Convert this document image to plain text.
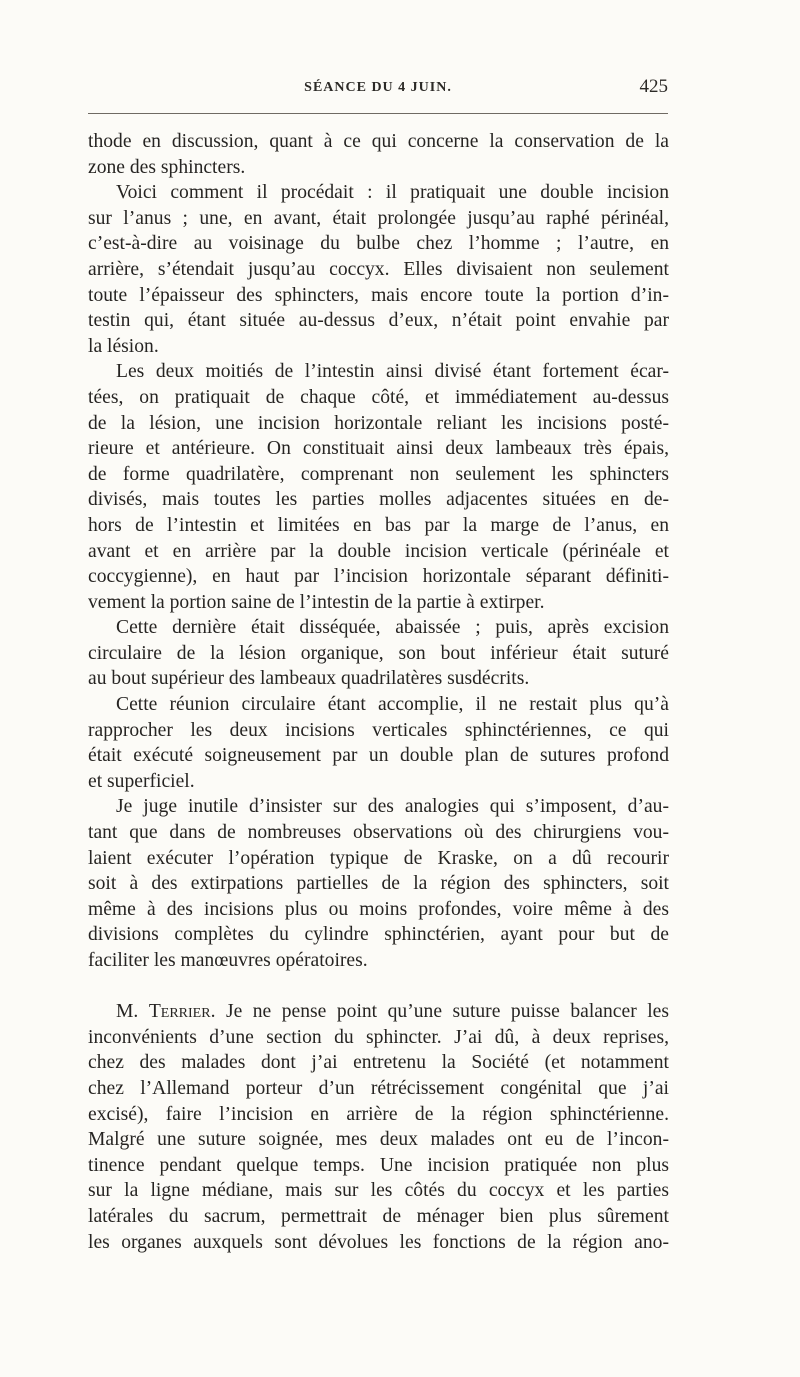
SÉANCE DU 4 JUIN.	425
thode en discussion, quant à ce qui concerne la conservation de la
zone des sphincters.
Voici comment il procédait : il pratiquait une double incision
sur l’anus ; une, en avant, était prolongée jusqu’au raphé périnéal,
c’est-à-dire au voisinage du bulbe chez l’homme ; l’autre, en
arrière, s’étendait jusqu’au coccyx. Elles divisaient non seulement
toute l’épaisseur des sphincters, mais encore toute la portion d’in-
testin qui, étant située au-dessus d’eux, n’était point envahie par
la lésion.
Les deux moitiés de l’intestin ainsi divisé étant fortement écar-
tées, on pratiquait de chaque côté, et immédiatement au-dessus
de la lésion, une incision horizontale reliant les incisions posté-
rieure et antérieure. On constituait ainsi deux lambeaux très épais,
de forme quadrilatère, comprenant non seulement les sphincters
divisés, mais toutes les parties molles adjacentes situées en de-
hors de l’intestin et limitées en bas par la marge de l’anus, en
avant et en arrière par la double incision verticale (périnéale et
coccygienne), en haut par l’incision horizontale séparant définiti-
vement la portion saine de l’intestin de la partie à extirper.
Cette dernière était disséquée, abaissée ; puis, après excision
circulaire de la lésion organique, son bout inférieur était suturé
au bout supérieur des lambeaux quadrilatères susdécrits.
Cette réunion circulaire étant accomplie, il ne restait plus qu’à
rapprocher les deux incisions verticales sphinctériennes, ce qui
était exécuté soigneusement par un double plan de sutures profond
et superficiel.
Je juge inutile d’insister sur des analogies qui s’imposent, d’au-
tant que dans de nombreuses observations où des chirurgiens vou-
laient exécuter l’opération typique de Kraske, on a dû recourir
soit à des extirpations partielles de la région des sphincters, soit
même à des incisions plus ou moins profondes, voire même à des
divisions complètes du cylindre sphinctérien, ayant pour but de
faciliter les manœuvres opératoires.
M. Terrier. Je ne pense point qu’une suture puisse balancer les
inconvénients d’une section du sphincter. J’ai dû, à deux reprises,
chez des malades dont j’ai entretenu la Société (et notamment
chez l’Allemand porteur d’un rétrécissement congénital que j’ai
excisé), faire l’incision en arrière de la région sphinctérienne.
Malgré une suture soignée, mes deux malades ont eu de l’incon-
tinence pendant quelque temps. Une incision pratiquée non plus
sur la ligne médiane, mais sur les côtés du coccyx et les parties
latérales du sacrum, permettrait de ménager bien plus sûrement
les organes auxquels sont dévolues les fonctions de la région ano-
